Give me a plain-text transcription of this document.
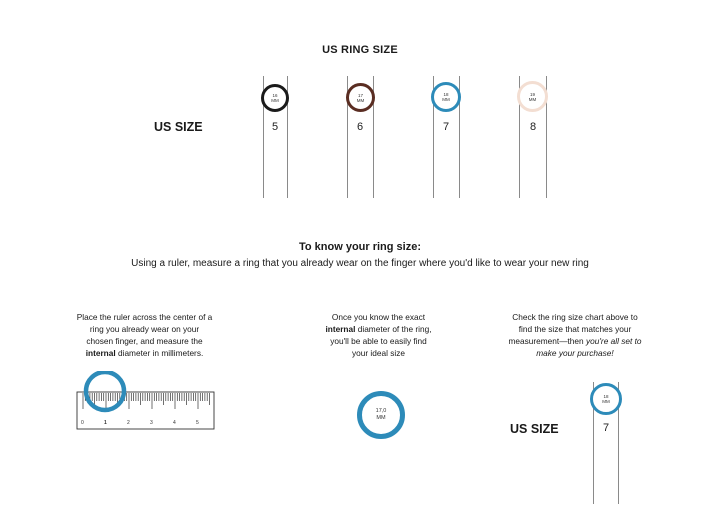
US RING SIZE
US SIZE
16
MM
5
17
MM
6
18
MM
7
19
MM
8
To know your ring size:
Using a ruler, measure a ring that you already wear on the finger where you'd like to wear your new ring
Place the ruler across the center of a ring you already wear on your chosen finger, and measure the internal diameter in millimeters.
0	1	2	3	4	5
Once you know the exact internal diameter of the ring, you'll be able to easily find your ideal size
17,0
MM
Check the ring size chart above to find the size that matches your measurement—then you're all set to make your purchase!
US SIZE
18
MM
7
